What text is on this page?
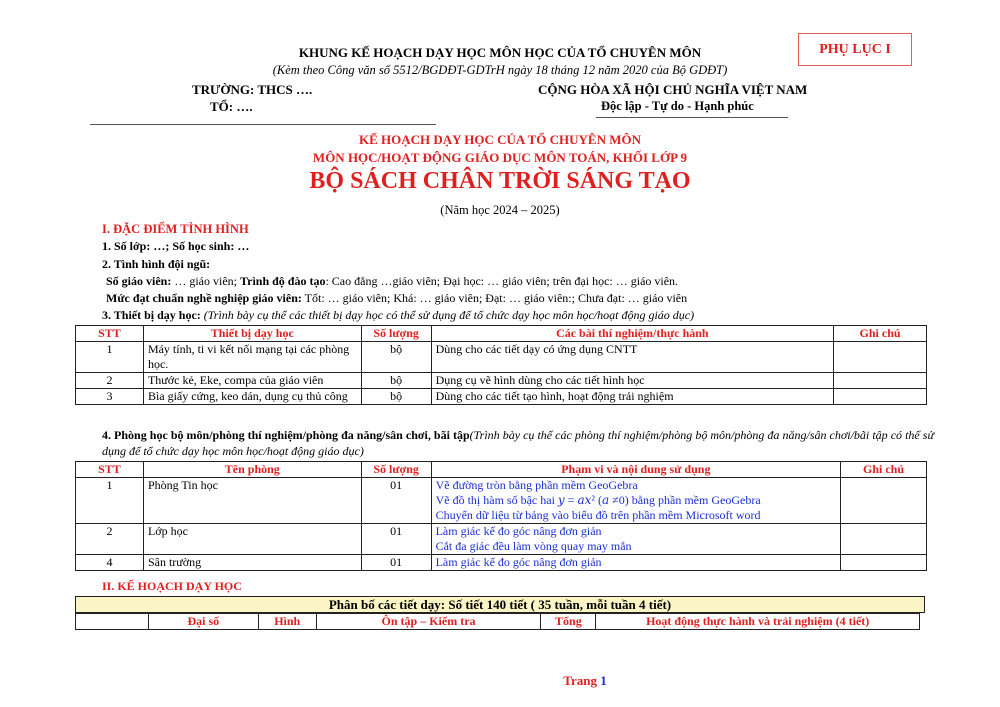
PHỤ LỤC I
KHUNG KẾ HOẠCH DẠY HỌC MÔN HỌC CỦA TỔ CHUYÊN MÔN
(Kèm theo Công văn số 5512/BGDĐT-GDTrH ngày 18 tháng 12 năm 2020 của Bộ GDĐT)
TRƯỜNG: THCS ….
TỔ: ….
CỘNG HÒA XÃ HỘI CHỦ NGHĨA VIỆT NAM
Độc lập - Tự do - Hạnh phúc
KẾ HOẠCH DẠY HỌC CỦA TỔ CHUYÊN MÔN
MÔN HỌC/HOẠT ĐỘNG GIÁO DỤC MÔN TOÁN, KHỐI LỚP 9
BỘ SÁCH CHÂN TRỜI SÁNG TẠO
(Năm học 2024 – 2025)
I. ĐẶC ĐIỂM TÌNH HÌNH
1. Số lớp: …; Số học sinh: …
2. Tình hình đội ngũ:
Số giáo viên: … giáo viên; Trình độ đào tạo: Cao đẳng …giáo viên; Đại học: … giáo viên; trên đại học: … giáo viên.
Mức đạt chuẩn nghề nghiệp giáo viên: Tốt: … giáo viên; Khá: … giáo viên; Đạt: … giáo viên:; Chưa đạt: … giáo viên
3. Thiết bị dạy học: (Trình bày cụ thể các thiết bị dạy học có thể sử dụng để tổ chức dạy học môn học/hoạt động giáo dục)
STT	Thiết bị dạy học	Số lượng	Các bài thí nghiệm/thực hành	Ghi chú
1	Máy tính, ti vi kết nối mạng tại các phòng học.	bộ	Dùng cho các tiết dạy có ứng dụng CNTT	
2	Thước kẻ, Eke, compa của giáo viên	bộ	Dụng cụ vẽ hình dùng cho các tiết hình học	
3	Bìa giấy cứng, keo dán, dụng cụ thủ công	bộ	Dùng cho các tiết tạo hình, hoạt động trải nghiệm	
4. Phòng học bộ môn/phòng thí nghiệm/phòng đa năng/sân chơi, bãi tập(Trình bày cụ thể các phòng thí nghiệm/phòng bộ môn/phòng đa năng/sân chơi/bãi tập có thể sử dụng để tổ chức dạy học môn học/hoạt động giáo dục)
STT	Tên phòng	Số lượng	Phạm vi và nội dung sử dụng	Ghi chú
1	Phòng Tin học	01	Vẽ đường tròn bằng phần mềm GeoGebra
Vẽ đồ thị hàm số bậc hai 𝑦 = 𝑎𝑥² (𝑎 ≠0) bằng phần mềm GeoGebra
Chuyển dữ liệu từ bảng vào biểu đồ trên phần mềm Microsoft word	

2	Lớp học	01	Làm giác kế đo góc nâng đơn giản
Cắt đa giác đều làm vòng quay may mắn	

4	Sân trường	01	Làm giác kế đo góc nâng đơn giản	

II. KẾ HOẠCH DẠY HỌC
Phân bố các tiết dạy: Số tiết 140 tiết ( 35 tuần, mỗi tuần 4 tiết)
	Đại số	Hình	Ôn tập – Kiểm tra	Tổng	Hoạt động thực hành và trải nghiệm (4 tiết)
Trang 1
